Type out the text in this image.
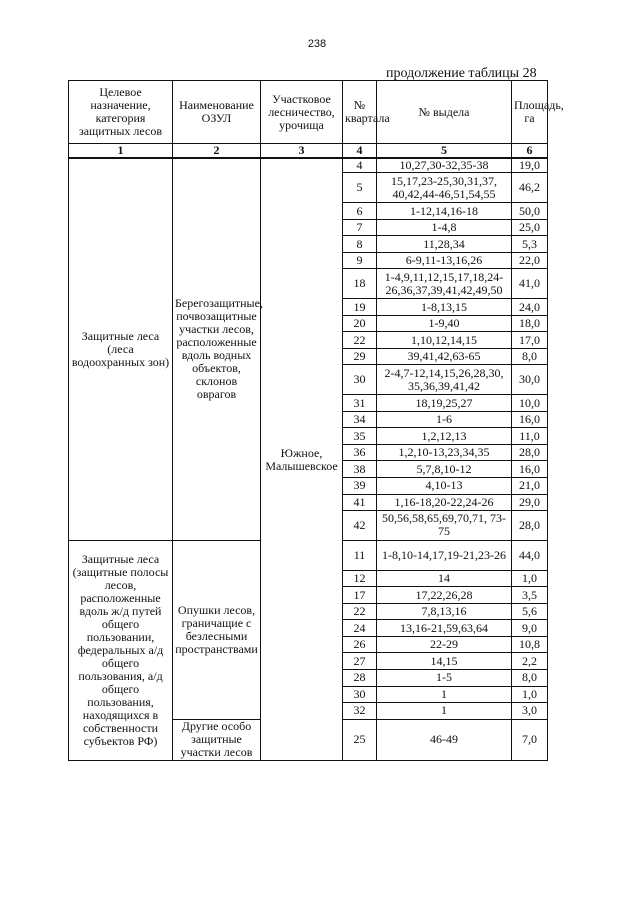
238
продолжение таблицы 28
Целевое назначение, категория защитных лесов	Наименование ОЗУЛ	Участковое лесничество, урочища	№ квартала	№ выдела	Площадь, га
1	2	3	4	5	6
Защитные леса (леса водоохранных зон)	Берегозащитные, почвозащитные участки лесов, расположенные вдоль водных объектов, склонов оврагов	Южное, Малышевское	4	10,27,30-32,35-38	19,0
			5	15,17,23-25,30,31,37, 40,42,44-46,51,54,55	46,2
			6	1-12,14,16-18	50,0
			7	1-4,8	25,0
			8	11,28,34	5,3
			9	6-9,11-13,16,26	22,0
			18	1-4,9,11,12,15,17,18,24-26,36,37,39,41,42,49,50	41,0
			19	1-8,13,15	24,0
			20	1-9,40	18,0
			22	1,10,12,14,15	17,0
			29	39,41,42,63-65	8,0
			30	2-4,7-12,14,15,26,28,30, 35,36,39,41,42	30,0
			31	18,19,25,27	10,0
			34	1-6	16,0
			35	1,2,12,13	11,0
			36	1,2,10-13,23,34,35	28,0
			38	5,7,8,10-12	16,0
			39	4,10-13	21,0
			41	1,16-18,20-22,24-26	29,0
			42	50,56,58,65,69,70,71, 73-75	28,0
Защитные леса (защитные полосы лесов, расположенные вдоль ж/д путей общего пользовании, федеральных а/д общего пользования, а/д общего пользования, находящихся в собственности субъектов РФ)	Опушки лесов, граничащие с безлесными пространствами		11	1-8,10-14,17,19-21,23-26	44,0
			12	14	1,0
			17	17,22,26,28	3,5
			22	7,8,13,16	5,6
			24	13,16-21,59,63,64	9,0
			26	22-29	10,8
			27	14,15	2,2
			28	1-5	8,0
			30	1	1,0
			32	1	3,0
	Другие особо защитные участки лесов		25	46-49	7,0
